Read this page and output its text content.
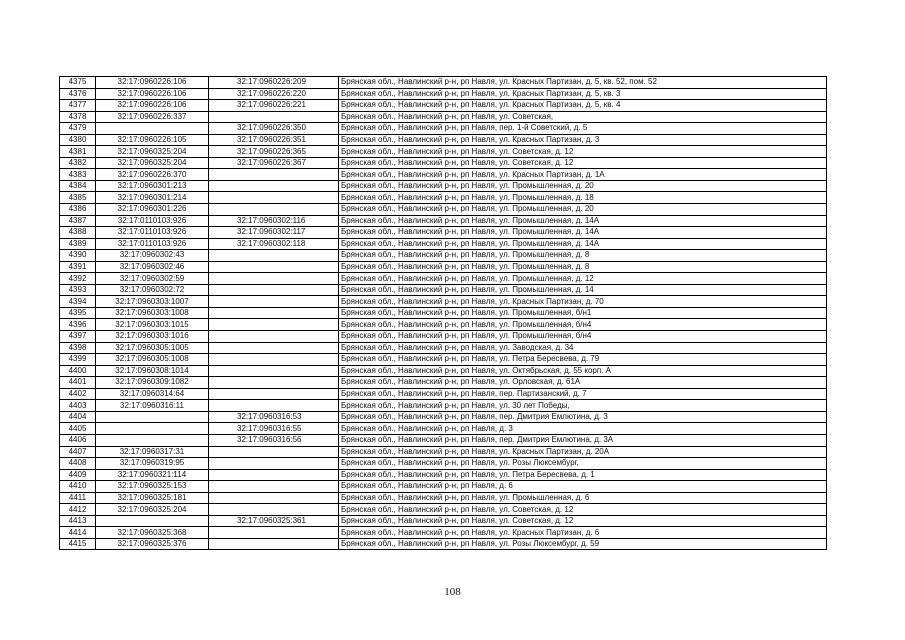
4375	32:17:0960226:106	32:17:0960226:209	Брянская обл., Навлинский р-н, рп Навля, ул. Красных Партизан, д. 5, кв. 52, пом. 52
4376	32:17:0960226:106	32:17:0960226:220	Брянская обл., Навлинский р-н, рп Навля, ул. Красных Партизан, д. 5, кв. 3
4377	32:17:0960226:106	32:17:0960226:221	Брянская обл., Навлинский р-н, рп Навля, ул. Красных Партизан, д. 5, кв. 4
4378	32:17:0960226:337		Брянская обл., Навлинский р-н, рп Навля, ул. Советская,
4379		32:17:0960226:350	Брянская обл., Навлинский р-н, рп Навля, пер. 1-й Советский, д. 5
4380	32:17:0960226:105	32:17:0960226:351	Брянская обл., Навлинский р-н, рп Навля, ул. Красных Партизан, д. 3
4381	32:17:0960325:204	32:17:0960226:365	Брянская обл., Навлинский р-н, рп Навля, ул. Советская, д. 12
4382	32:17:0960325:204	32:17:0960226:367	Брянская обл., Навлинский р-н, рп Навля, ул. Советская, д. 12
4383	32:17:0960226:370		Брянская обл., Навлинский р-н, рп Навля, ул. Красных Партизан, д. 1А
4384	32:17:0960301:213		Брянская обл., Навлинский р-н, рп Навля, ул. Промышленная, д. 20
4385	32:17:0960301:214		Брянская обл., Навлинский р-н, рп Навля, ул. Промышленная, д. 18
4386	32:17:0960301:226		Брянская обл., Навлинский р-н, рп Навля, ул. Промышленная, д. 20
4387	32:17:0110103:926	32:17:0960302:116	Брянская обл., Навлинский р-н, рп Навля, ул. Промышленная, д. 14А
4388	32:17:0110103:926	32:17:0960302:117	Брянская обл., Навлинский р-н, рп Навля, ул. Промышленная, д. 14А
4389	32:17:0110103:926	32:17:0960302:118	Брянская обл., Навлинский р-н, рп Навля, ул. Промышленная, д. 14А
4390	32:17:0960302:43		Брянская обл., Навлинский р-н, рп Навля, ул. Промышленная, д. 8
4391	32:17:0960302:46		Брянская обл., Навлинский р-н, рп Навля, ул. Промышленная, д. 8
4392	32:17:0960302:59		Брянская обл., Навлинский р-н, рп Навля, ул. Промышленная, д. 12
4393	32:17:0960302:72		Брянская обл., Навлинский р-н, рп Навля, ул. Промышленная, д. 14
4394	32:17:0960303:1007		Брянская обл., Навлинский р-н, рп Навля, ул. Красных Партизан, д. 70
4395	32:17:0960303:1008		Брянская обл., Навлинский р-н, рп Навля, ул. Промышленная, б/н1
4396	32:17:0960303:1015		Брянская обл., Навлинский р-н, рп Навля, ул. Промышленная, б/н4
4397	32:17:0960303:1016		Брянская обл., Навлинский р-н, рп Навля, ул. Промышленная, б/н4
4398	32:17:0960305:1005		Брянская обл., Навлинский р-н, рп Навля, ул. Заводская, д. 34
4399	32:17:0960305:1008		Брянская обл., Навлинский р-н, рп Навля, ул. Петра Бересвева, д. 79
4400	32:17:0960308:1014		Брянская обл., Навлинский р-н, рп Навля, ул. Октябрьская, д. 55 корп. А
4401	32:17:0960309:1082		Брянская обл., Навлинский р-н, рп Навля, ул. Орловская, д. 61А
4402	32:17:0960314:64		Брянская обл., Навлинский р-н, рп Навля, пер. Партизанский, д. 7
4403	32:17:0960316:11		Брянская обл., Навлинский р-н, рп Навля, ул. 30 лет Победы,
4404		32:17:0960316:53	Брянская обл., Навлинский р-н, рп Навля, пер. Дмитрия Емлютина, д. 3
4405		32:17:0960316:55	Брянская обл., Навлинский р-н, рп Навля, д. 3
4406		32:17:0960316:56	Брянская обл., Навлинский р-н, рп Навля, пер. Дмитрия Емлютина, д. 3А
4407	32:17:0960317:31		Брянская обл., Навлинский р-н, рп Навля, ул. Красных Партизан, д. 20А
4408	32:17:0960319:95		Брянская обл., Навлинский р-н, рп Навля, ул. Розы Люксембург,
4409	32:17:0960321:114		Брянская обл., Навлинский р-н, рп Навля, ул. Петра Бересвева, д. 1
4410	32:17:0960325:153		Брянская обл., Навлинский р-н, рп Навля, д. 6
4411	32:17:0960325:181		Брянская обл., Навлинский р-н, рп Навля, ул. Промышленная, д. 6
4412	32:17:0960325:204		Брянская обл., Навлинский р-н, рп Навля, ул. Советская, д. 12
4413		32:17:0960325:361	Брянская обл., Навлинский р-н, рп Навля, ул. Советская, д. 12
4414	32:17:0960325:368		Брянская обл., Навлинский р-н, рп Навля, ул. Красных Партизан, д. 6
4415	32:17:0960325:376		Брянская обл., Навлинский р-н, рп Навля, ул. Розы Люксембург, д. 59
108
